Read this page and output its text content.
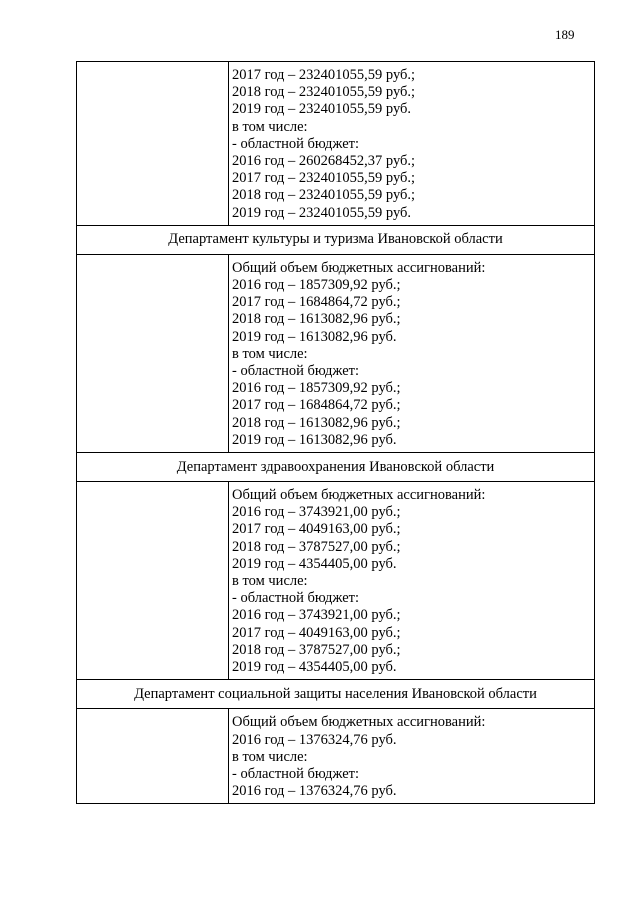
189
2017 год – 232401055,59 руб.;
2018 год – 232401055,59 руб.;
2019 год – 232401055,59 руб.
в том числе:
- областной бюджет:
2016 год – 260268452,37 руб.;
2017 год – 232401055,59 руб.;
2018 год – 232401055,59 руб.;
2019 год – 232401055,59 руб.
Департамент культуры и туризма Ивановской области
Общий объем бюджетных ассигнований:
2016 год – 1857309,92 руб.;
2017 год – 1684864,72 руб.;
2018 год – 1613082,96 руб.;
2019 год – 1613082,96 руб.
в том числе:
- областной бюджет:
2016 год – 1857309,92 руб.;
2017 год – 1684864,72 руб.;
2018 год – 1613082,96 руб.;
2019 год – 1613082,96 руб.
Департамент здравоохранения Ивановской области
Общий объем бюджетных ассигнований:
2016 год – 3743921,00 руб.;
2017 год – 4049163,00 руб.;
2018 год – 3787527,00 руб.;
2019 год – 4354405,00 руб.
в том числе:
- областной бюджет:
2016 год – 3743921,00 руб.;
2017 год – 4049163,00 руб.;
2018 год – 3787527,00 руб.;
2019 год – 4354405,00 руб.
Департамент социальной защиты населения Ивановской области
Общий объем бюджетных ассигнований:
2016 год – 1376324,76 руб.
в том числе:
- областной бюджет:
2016 год – 1376324,76 руб.
